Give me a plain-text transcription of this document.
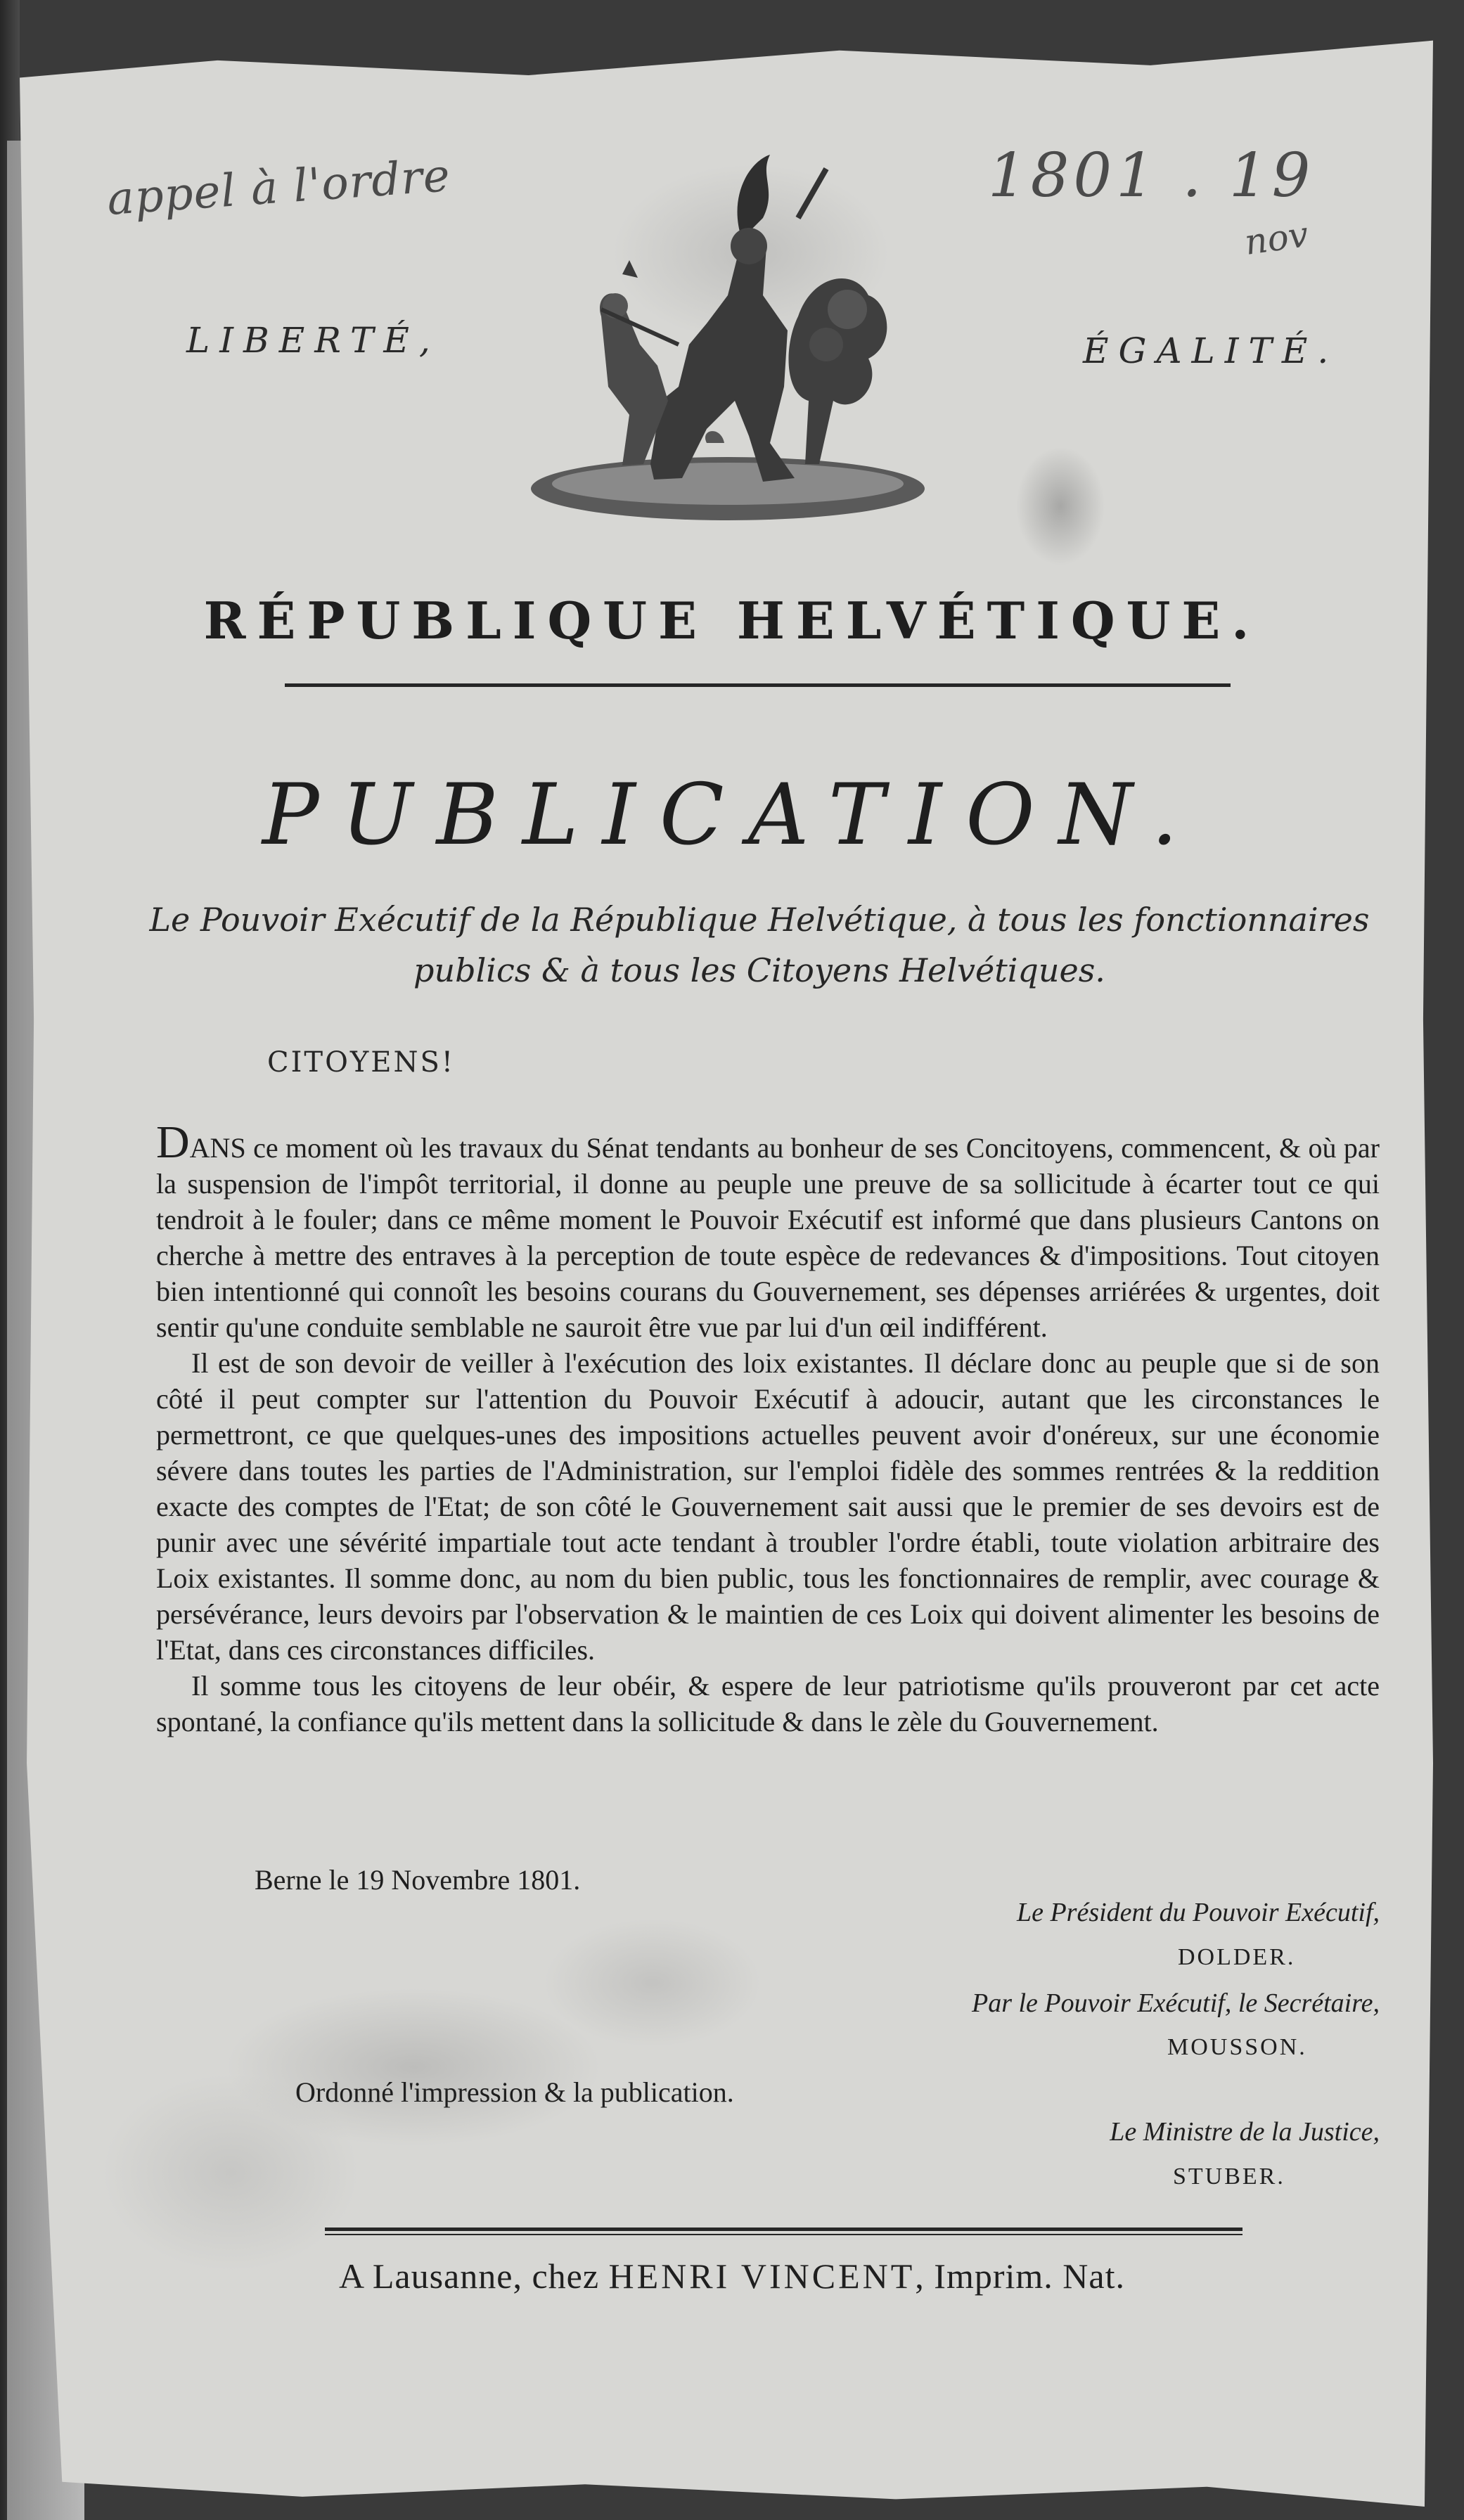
appel à l'ordre	1801 . 19
nov
LIBERTÉ,	ÉGALITÉ.
RÉPUBLIQUE HELVÉTIQUE.
PUBLICATION.
Le Pouvoir Exécutif de la République Helvétique, à tous les fonctionnaires publics & à tous les Citoyens Helvétiques.
CITOYENS!

DANS ce moment où les travaux du Sénat tendants au bonheur de ses Concitoyens, commencent, & où par la suspension de l'impôt territorial, il donne au peuple une preuve de sa sollicitude à écarter tout ce qui tendroit à le fouler; dans ce même moment le Pouvoir Exécutif est informé que dans plusieurs Cantons on cherche à mettre des entraves à la perception de toute espèce de redevances & d'impositions. Tout citoyen bien intentionné qui connoît les besoins courans du Gouvernement, ses dépenses arriérées & urgentes, doit sentir qu'une conduite semblable ne sauroit être vue par lui d'un œil indifférent.

Il est de son devoir de veiller à l'exécution des loix existantes. Il déclare donc au peuple que si de son côté il peut compter sur l'attention du Pouvoir Exécutif à adoucir, autant que les circonstances le permettront, ce que quelques-unes des impositions actuelles peuvent avoir d'onéreux, sur une économie sévere dans toutes les parties de l'Administration, sur l'emploi fidèle des sommes rentrées & la reddition exacte des comptes de l'Etat; de son côté le Gouvernement sait aussi que le premier de ses devoirs est de punir avec une sévérité impartiale tout acte tendant à troubler l'ordre établi, toute violation arbitraire des Loix existantes. Il somme donc, au nom du bien public, tous les fonctionnaires de remplir, avec courage & persévérance, leurs devoirs par l'observation & le maintien de ces Loix qui doivent alimenter les besoins de l'Etat, dans ces circonstances difficiles.

Il somme tous les citoyens de leur obéir, & espere de leur patriotisme qu'ils prouveront par cet acte spontané, la confiance qu'ils mettent dans la sollicitude & dans le zèle du Gouvernement.

Berne le 19 Novembre 1801.
Le Président du Pouvoir Exécutif,
DOLDER.
Par le Pouvoir Exécutif, le Secrétaire,
MOUSSON.
Ordonné l'impression & la publication.
Le Ministre de la Justice,
STUBER.
A Lausanne, chez HENRI VINCENT, Imprim. Nat.
